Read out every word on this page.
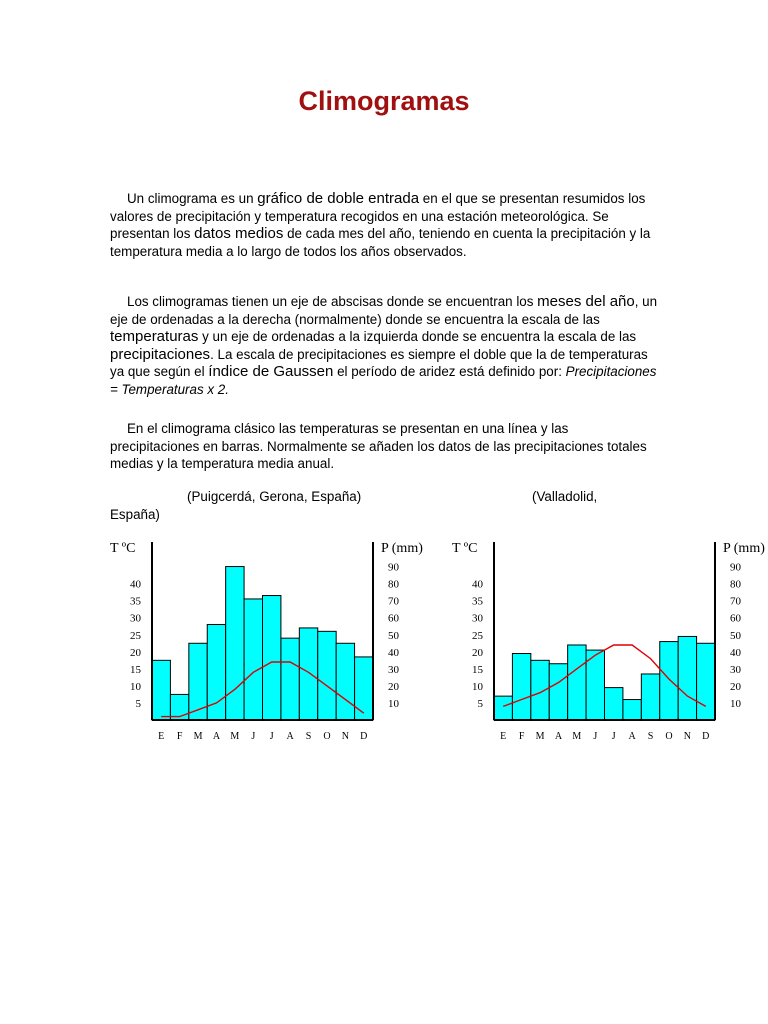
Climogramas

Un climograma es un gráfico de doble entrada en el que se presentan resumidos los valores de precipitación y temperatura recogidos en una estación meteorológica. Se presentan los datos medios de cada mes del año, teniendo en cuenta la precipitación y la temperatura media a lo largo de todos los años observados.

Los climogramas tienen un eje de abscisas donde se encuentran los meses del año, un eje de ordenadas a la derecha (normalmente) donde se encuentra la escala de las temperaturas y un eje de ordenadas a la izquierda donde se encuentra la escala de las precipitaciones. La escala de precipitaciones es siempre el doble que la de temperaturas ya que según el índice de Gaussen el período de aridez está definido por: Precipitaciones = Temperaturas x 2.

En el climograma clásico las temperaturas se presentan en una línea y las precipitaciones en barras. Normalmente se añaden los datos de las precipitaciones totales medias y la temperatura media anual.

(Puigcerdá, Gerona, España)	(Valladolid,
España)
T ºC	P (mm)
40
35
30
25
20
15
10
5
90
80
70
60
50
40
30
20
10
E F M A M J J A S O N D
T ºC	P (mm)
40
35
30
25
20
15
10
5
90
80
70
60
50
40
30
20
10
E F M A M J J A S O N D
